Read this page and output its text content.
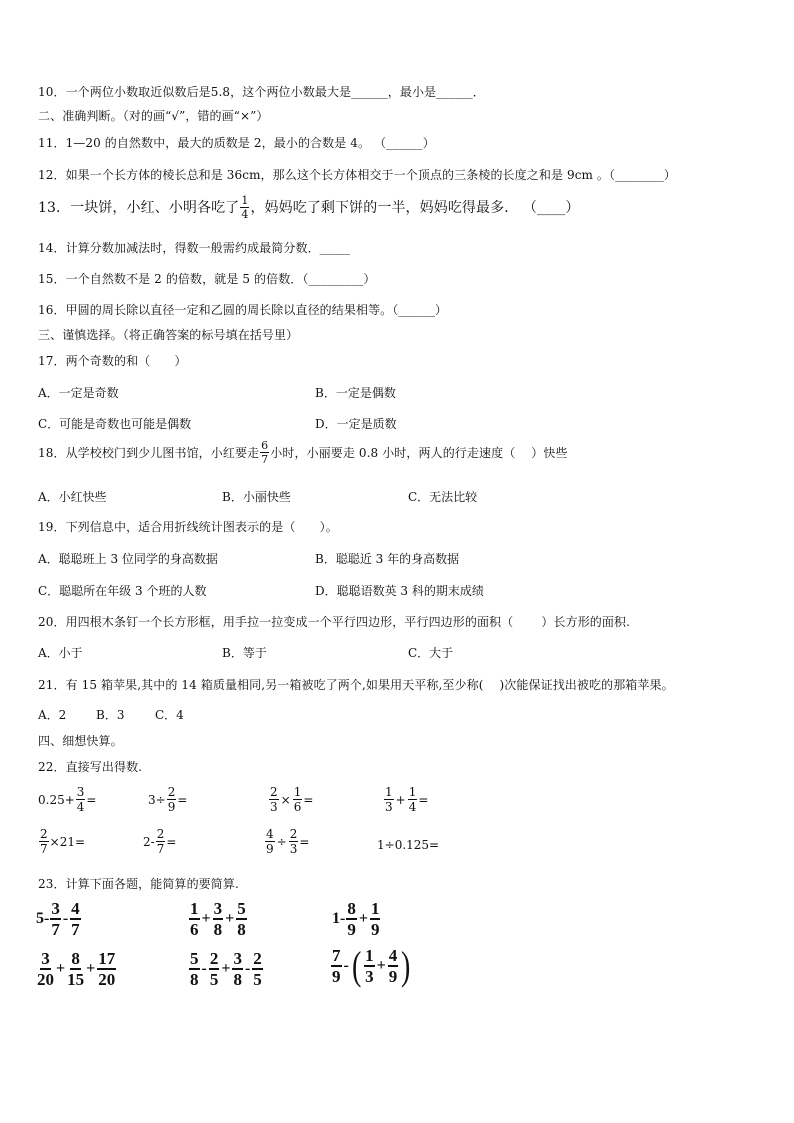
10．一个两位小数取近似数后是5.8，这个两位小数最大是______，最小是______．
二、准确判断。（对的画“√”，错的画“×”）
11．1—20 的自然数中，最大的质数是 2，最小的合数是 4。 （______）
12．如果一个长方体的棱长总和是 36cm，那么这个长方体相交于一个顶点的三条棱的长度之和是 9cm 。（________）
13．一块饼，小红、小明各吃了 $\frac{1}{4}$ ，妈妈吃了剩下饼的一半，妈妈吃得最多． （____）
14．计算分数加减法时，得数一般需约成最简分数．_____
15．一个自然数不是 2 的倍数，就是 5 的倍数．（_________）
16．甲圆的周长除以直径一定和乙圆的周长除以直径的结果相等。（______）
三、谨慎选择。（将正确答案的标号填在括号里）
17．两个奇数的和（　　）
A．一定是奇数	B．一定是偶数
C．可能是奇数也可能是偶数	D．一定是质数
18．从学校校门到少儿图书馆，小红要走 $\frac{6}{7}$ 小时，小丽要走 0.8 小时，两人的行走速度（　 ）快些
A．小红快些	B．小丽快些	C．无法比较
19．下列信息中，适合用折线统计图表示的是（　　）。
A．聪聪班上 3 位同学的身高数据	B．聪聪近 3 年的身高数据
C．聪聪所在年级 3 个班的人数	D．聪聪语数英 3 科的期末成绩
20．用四根木条钉一个长方形框，用手拉一拉变成一个平行四边形，平行四边形的面积（　　 ）长方形的面积.
A．小于	B．等于	C．大于
21．有 15 箱苹果,其中的 14 箱质量相同,另一箱被吃了两个,如果用天平称,至少称(　 )次能保证找出被吃的那箱苹果。
A．2 B．3	C．4
四、细想快算。
22．直接写出得数.
$0.25+ \frac{3}{4}$ =	$3\div \frac{2}{9}$ =	$\frac{2}{3} \times \frac{1}{6}$ =	$\frac{1}{3} + \frac{1}{4}$ =
$\frac{2}{7} \times 21=$	$2- \frac{2}{7}$ =	$\frac{4}{9} \div \frac{2}{3}$ =	1÷0.125=
23．计算下面各题，能简算的要简算.
$5- \frac{3}{7} - \frac{4}{7}$	$\frac{1}{6} + \frac{3}{8} + \frac{5}{8}$	$1- \frac{8}{9} + \frac{1}{9}$
$\frac{3}{20} + \frac{8}{15} + \frac{17}{20}$	$\frac{5}{8} - \frac{2}{5} + \frac{3}{8} - \frac{2}{5}$	$\frac{7}{9}$ - ( $\frac{1}{3} + \frac{4}{9}$ )
